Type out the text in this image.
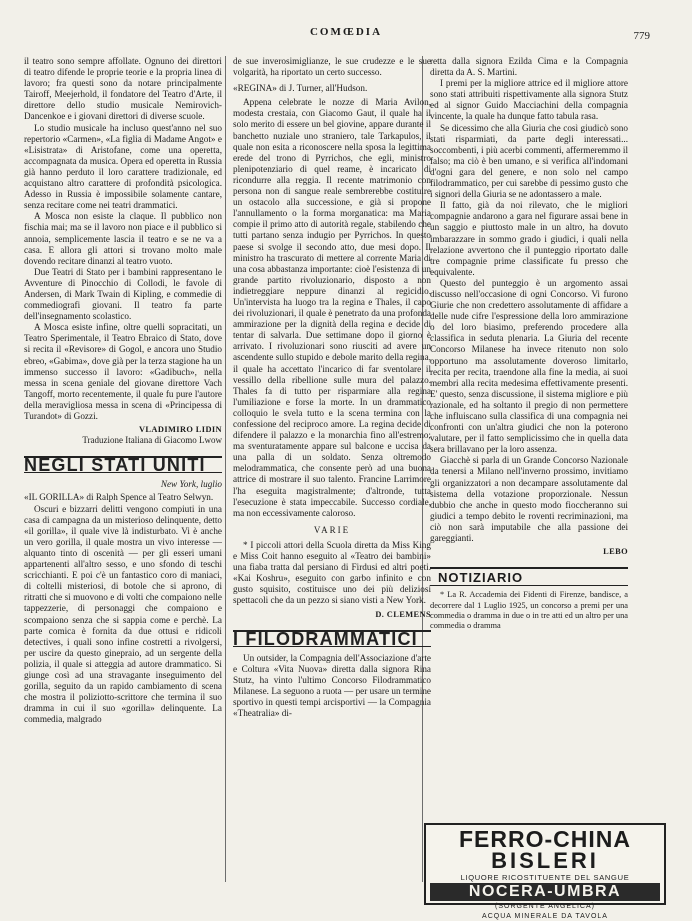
COMŒDIA	779

il teatro sono sempre affollate. Ognuno dei direttori di teatro difende le proprie teorie e la propria linea di lavoro; fra questi sono da notare principalmente Tairoff, Meejerhold, il fondatore del Teatro d'Arte, il direttore dello studio musicale Nemirovich-Dancenkoe e i giovani direttori di diverse scuole.

Lo studio musicale ha incluso quest'anno nel suo repertorio «Carmen», «La figlia di Madame Angot» e «Lisistrata» di Aristofane, come una operetta, accompagnata da musica. Opera ed operetta in Russia già hanno perduto il loro carattere tradizionale, ed acquistano altro carattere di profondità psicologica. Adesso in Russia è impossibile solamente cantare, senza recitare come nei teatri drammatici.

A Mosca non esiste la claque. Il pubblico non fischia mai; ma se il lavoro non piace e il pubblico si annoia, semplicemente lascia il teatro e se ne va a casa. E allora gli attori si trovano molto male dovendo recitare dinanzi al teatro vuoto.

Due Teatri di Stato per i bambini rappresentano le Avventure di Pinocchio di Collodi, le favole di Andersen, di Mark Twain di Kipling, e commedie di commediografi giovani. Il teatro fa parte dell'insegnamento scolastico.

A Mosca esiste infine, oltre quelli sopracitati, un Teatro Sperimentale, il Teatro Ebraico di Stato, dove si recita il «Revisore» di Gogol, e ancora uno Studio ebreo, «Gabima», dove già per la terza stagione ha un immenso successo il lavoro: «Gadibuch», nella messa in scena geniale del giovane direttore Vach Tangoff, morto recentemente, il quale fu pure l'autore della meravigliosa messa in scena di «Principessa di Turandot» di Gozzi.

VLADIMIRO LIDIN
Traduzione Italiana di Giacomo Lwow
NEGLI STATI UNITI
New York, luglio

«IL GORILLA» di Ralph Spence al Teatro Selwyn.

Oscuri e bizzarri delitti vengono compiuti in una casa di campagna da un misterioso delinquente, detto «il gorilla», il quale vive là indisturbato. Vi è anche un vero gorilla, il quale mostra un vivo interesse — alquanto tinto di oscenità — per gli esseri umani appartenenti all'altro sesso, e uno sfondo di teschi scricchianti. E poi c'è un fantastico coro di maniaci, di coltelli misteriosi, di botole che si aprono, di ritratti che si muovono e di volti che compaiono nelle tappezzerie, di personaggi che compaiono e scompaiono senza che si sappia come e perchè. La parte comica è fornita da due ottusi e ridicoli detectives, i quali sono infine costretti a rivolgersi, per uscire da questo ginepraio, ad un sergente della polizia, il quale si atteggia ad autore drammatico. Si giunge così ad una stravagante inseguimento del gorilla, seguito da un rapido cambiamento di scena che mostra il poliziotto-scrittore che termina il suo dramma in cui il suo «gorilla» delinquente. La commedia, malgrado

de sue inverosimiglianze, le sue crudezze e le sue volgarità, ha riportato un certo successo.

«REGINA» di J. Turner, all'Hudson.

Appena celebrate le nozze di Maria Avilon, modesta crestaia, con Giacomo Gaut, il quale ha il solo merito di essere un bel giovine, appare durante il banchetto nuziale uno straniero, tale Tarkapulos, il quale non esita a riconoscere nella sposa la legittima erede del trono di Pyrrichos, che egli, ministro plenipotenziario di quel reame, è incaricato di ricondurre alla reggia. Il recente matrimonio con persona non di sangue reale sembrerebbe costituire un ostacolo alla successione, e già si propone l'annullamento o la forma morganatica: ma Maria compie il primo atto di autorità regale, stabilendo che tutti partano senza indugio per Pyrrichos. In questo paese si svolge il secondo atto, due mesi dopo. Il ministro ha trascurato di mettere al corrente Maria di una cosa abbastanza importante: cioè l'esistenza di un grande partito rivoluzionario, disposto a non indietreggiare neppure dinanzi al regicidio. Un'intervista ha luogo tra la regina e Thales, il capo dei rivoluzionari, il quale è penetrato da una profonda ammirazione per la dignità della regina e decide di tentar di salvarla. Due settimane dopo il giorno è arrivato. I rivoluzionari sono riusciti ad avere un ascendente sullo stupido e debole marito della regina, il quale ha accettato l'incarico di far sventolare il vessillo della ribellione sulle mura del palazzo. Thales fa di tutto per risparmiare alla regina l'umiliazione e forse la morte. In un drammatico colloquio le svela tutto e la scena termina con la confessione del reciproco amore. La regina decide di difendere il palazzo e la monarchia fino all'estremo; ma sventuratamente appare sul balcone e uccisa da una palla di un soldato. Senza oltremodo melodrammatica, che consente però ad una buona attrice di mostrare il suo talento. Francine Larrimore l'ha eseguita magistralmente; d'altronde, tutta l'esecuzione è stata impeccabile. Successo cordiale, ma non eccessivamente caloroso.

VARIE

* I piccoli attori della Scuola diretta da Miss King e Miss Coit hanno eseguito al «Teatro dei bambini» una fiaba tratta dal persiano di Firdusi ed altri poeti. «Kai Koshru», eseguito con garbo infinito e con gusto squisito, costituisce uno dei più deliziosi spettacoli che da un pezzo si siano visti a New York.

D. CLEMENS
I FILODRAMMATICI

Un outsider, la Compagnia dell'Associazione d'arte e Coltura «Vita Nuova» diretta dalla signora Rina Stutz, ha vinto l'ultimo Concorso Filodrammatico Milanese. La seguono a ruota — per usare un termine sportivo in questi tempi arcisportivi — la Compagnia «Theatralia» di-

retta dalla signora Ezilda Cima e la Compagnia diretta da A. S. Martini.

I premi per la migliore attrice ed il migliore attore sono stati attribuiti rispettivamente alla signora Stutz ed al signor Guido Macciachini della compagnia vincente, la quale ha dunque fatto tabula rasa.

Se dicessimo che alla Giuria che così giudicò sono stati risparmiati, da parte degli interessati... soccombenti, i più acerbi commenti, affermeremmo il falso; ma ciò è ben umano, e si verifica all'indomani d'ogni gara del genere, e non solo nel campo filodrammatico, per cui sarebbe di pessimo gusto che i signori della Giuria se ne adontassero a male.

Il fatto, già da noi rilevato, che le migliori compagnie andarono a gara nel figurare assai bene in un saggio e piuttosto male in un altro, ha dovuto imbarazzare in sommo grado i giudici, i quali nella relazione avvertono che il punteggio riportato dalle tre compagnie prime classificate fu presso che equivalente.

Questo del punteggio è un argomento assai discusso nell'occasione di ogni Concorso. Vi furono Giurie che non credettero assolutamente di affidare a delle nude cifre l'espressione della loro ammirazione o del loro biasimo, preferendo procedere alla classifica in seduta plenaria. La Giuria del recente Concorso Milanese ha invece ritenuto non solo opportuno ma assolutamente doveroso limitarlo, recita per recita, traendone alla fine la media, ai suoi membri alla recita medesima effettivamente presenti. E' questo, senza discussione, il sistema migliore e più razionale, ed ha soltanto il pregio di non permettere che influiscano sulla classifica di una compagnia nei confronti con un'altra giudici che non la poterono valutare, per il fatto semplicissimo che in quella data sera brillavano per la loro assenza.

Giacchè si parla di un Grande Concorso Nazionale da tenersi a Milano nell'inverno prossimo, invitiamo gli organizzatori a non decampare assolutamente dal sistema della votazione proporzionale. Nessun dubbio che anche in questo modo fioccheranno sui giudici a tempo debito le roventi recriminazioni, ma ciò non sarà imputabile che alla passione dei gareggianti.

LEBO
NOTIZIARIO

* La R. Accademia dei Fidenti di Firenze, bandisce, a decorrere dal 1 Luglio 1925, un concorso a premi per una commedia o dramma in due o in tre atti ed un altro per una commedia o dramma

FERRO-CHINA
BISLERI
LIQUORE RICOSTITUENTE DEL SANGUE
NOCERA-UMBRA
(SORGENTE ANGELICA)
ACQUA MINERALE DA TAVOLA
